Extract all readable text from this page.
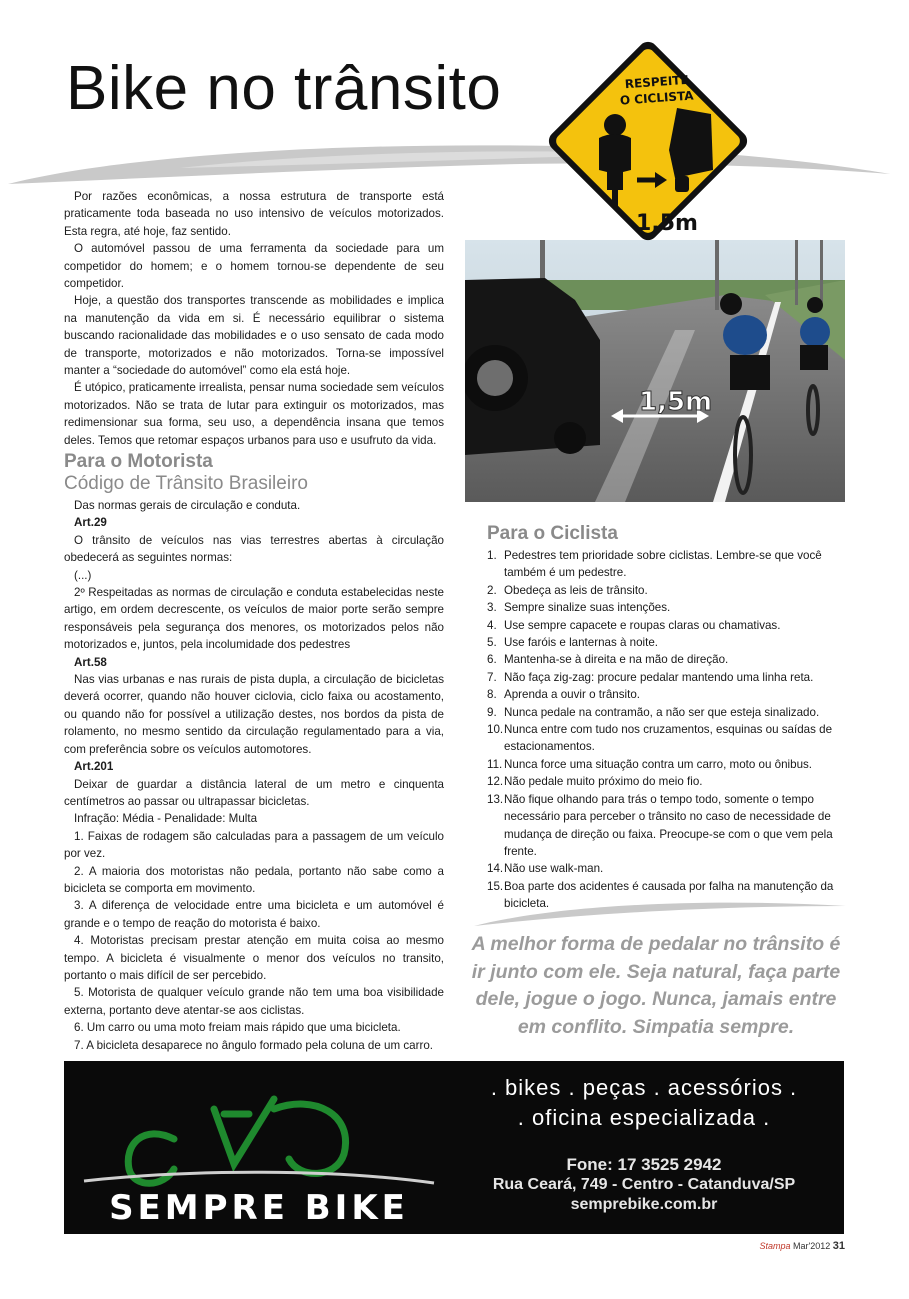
Bike no trânsito
1,5m
RESPEITE
O CICLISTA
1,5m

Por razões econômicas, a nossa estrutura de transporte está praticamente toda baseada no uso intensivo de veículos motorizados. Esta regra, até hoje, faz sentido.

O automóvel passou de uma ferramenta da sociedade para um competidor do homem; e o homem tornou-se dependente de seu competidor.

Hoje, a questão dos transportes transcende as mobilidades e implica na manutenção da vida em si. É necessário equilibrar o sistema buscando racionalidade das mobilidades e o uso sensato de cada modo de transporte, motorizados e não motorizados. Torna-se impossível manter a “sociedade do automóvel” como ela está hoje.

É utópico, praticamente irrealista, pensar numa sociedade sem veículos motorizados. Não se trata de lutar para extinguir os motorizados, mas redimensionar sua forma, seu uso, a dependência insana que temos deles. Temos que retomar espaços urbanos para uso e usufruto da vida.

Para o Motorista
Código de Trânsito Brasileiro

Das normas gerais de circulação e conduta.

Art.29

O trânsito de veículos nas vias terrestres abertas à circulação obedecerá as seguintes normas:

(...)

2º Respeitadas as normas de circulação e conduta estabelecidas neste artigo, em ordem decrescente, os veículos de maior porte serão sempre responsáveis pela segurança dos menores, os motorizados pelos não motorizados e, juntos, pela incolumidade dos pedestres

Art.58

Nas vias urbanas e nas rurais de pista dupla, a circulação de bicicletas deverá ocorrer, quando não houver ciclovia, ciclo faixa ou acostamento, ou quando não for possível a utilização destes, nos bordos da pista de rolamento, no mesmo sentido da circulação regulamentado para a via, com preferência sobre os veículos automotores.

Art.201

Deixar de guardar a distância lateral de um metro e cinquenta centímetros ao passar ou ultrapassar bicicletas.

Infração: Média - Penalidade: Multa

1. Faixas de rodagem são calculadas para a passagem de um veículo por vez.

2. A maioria dos motoristas não pedala, portanto não sabe como a bicicleta se comporta em movimento.

3. A diferença de velocidade entre uma bicicleta e um automóvel é grande e o tempo de reação do motorista é baixo.

4. Motoristas precisam prestar atenção em muita coisa ao mesmo tempo. A bicicleta é visualmente o menor dos veículos no transito, portanto o mais difícil de ser percebido.

5. Motorista de qualquer veículo grande não tem uma boa visibilidade externa, portanto deve atentar-se aos ciclistas.

6. Um carro ou uma moto freiam mais rápido que uma bicicleta.

7. A bicicleta desaparece no ângulo formado pela coluna de um carro.

Para o Ciclista
1. Pedestres tem prioridade sobre ciclistas. Lembre-se que você também é um pedestre.
2. Obedeça as leis de trânsito.
3. Sempre sinalize suas intenções.
4. Use sempre capacete e roupas claras ou chamativas.
5. Use faróis e lanternas à noite.
6. Mantenha-se à direita e na mão de direção.
7. Não faça zig-zag: procure pedalar mantendo uma linha reta.
8. Aprenda a ouvir o trânsito.
9. Nunca pedale na contramão, a não ser que esteja sinalizado.
10. Nunca entre com tudo nos cruzamentos, esquinas ou saídas de estacionamentos.
11. Nunca force uma situação contra um carro, moto ou ônibus.
12. Não pedale muito próximo do meio fio.
13. Não fique olhando para trás o tempo todo, somente o tempo necessário para perceber o trânsito no caso de necessidade de mudança de direção ou faixa. Preocupe-se com o que vem pela frente.
14. Não use walk-man.
15. Boa parte dos acidentes é causada por falha na manutenção da bicicleta.
A melhor forma de pedalar no trânsito é ir junto com ele. Seja natural, faça parte dele, jogue o jogo. Nunca, jamais entre em conflito. Simpatia sempre.
SEMPRE BIKE
. bikes . peças . acessórios .
. oficina especializada .
Fone: 17 3525 2942
Rua Ceará, 749 - Centro - Catanduva/SP
semprebike.com.br
Stampa Mar'2012 31
